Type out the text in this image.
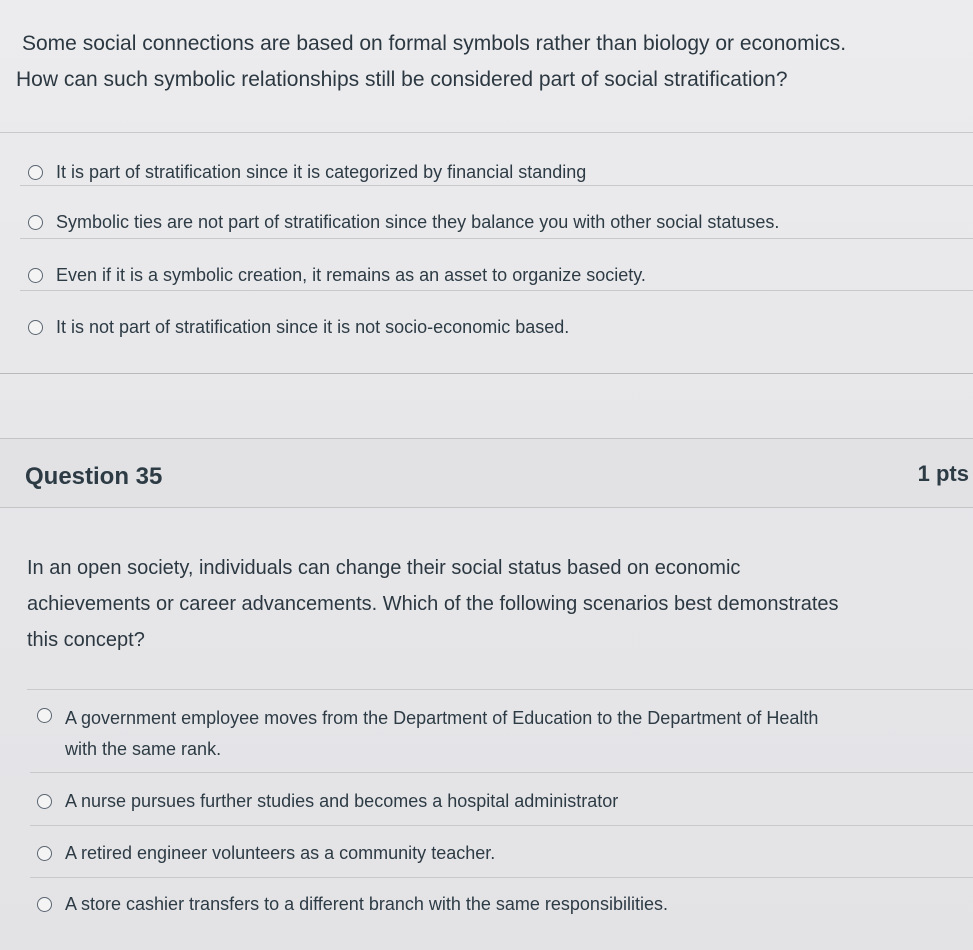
Some social connections are based on formal symbols rather than biology or economics.

How can such symbolic relationships still be considered part of social stratification?

It is part of stratification since it is categorized by financial standing
Symbolic ties are not part of stratification since they balance you with other social statuses.
Even if it is a symbolic creation, it remains as an asset to organize society.
It is not part of stratification since it is not socio-economic based.
Question 35	1 pts

In an open society, individuals can change their social status based on economic

achievements or career advancements. Which of the following scenarios best demonstrates

this concept?

A government employee moves from the Department of Education to the Department of Health
with the same rank.
A nurse pursues further studies and becomes a hospital administrator
A retired engineer volunteers as a community teacher.
A store cashier transfers to a different branch with the same responsibilities.
